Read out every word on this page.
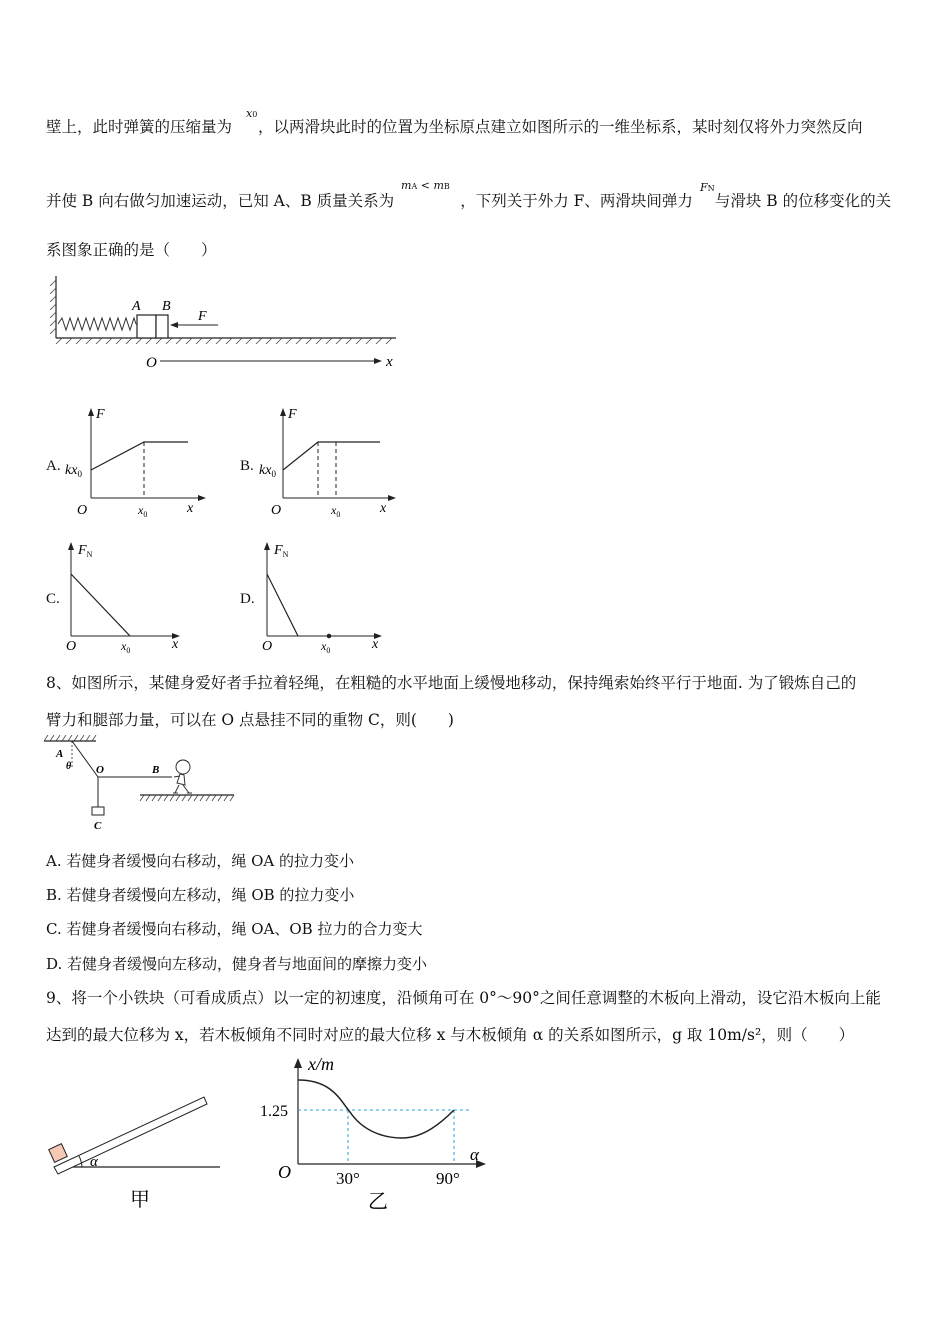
壁上，此时弹簧的压缩量为 ，以两滑块此时的位置为坐标原点建立如图所示的一维坐标系，某时刻仅将外力突然反向
x0
并使 B 向右做匀加速运动，已知 A、B 质量关系为	，下列关于外力 F、两滑块间弹力 与滑块 B 的位移变化的关
mA < mB	FN
系图象正确的是（　　）
A B
F
O	x
A.
F
$kx_0$
O	$x_0$	x
B.
F
$kx_0$
O	$x_0$	x
C.
$F_N$
O	$x_0$	x
D.
$F_N$
O	$x_0$	x
8、如图所示，某健身爱好者手拉着轻绳，在粗糙的水平地面上缓慢地移动，保持绳索始终平行于地面. 为了锻炼自己的
臂力和腿部力量，可以在 O 点悬挂不同的重物 C，则(　　)
A
θ O	B
C
A. 若健身者缓慢向右移动，绳 OA 的拉力变小
B. 若健身者缓慢向左移动，绳 OB 的拉力变小
C. 若健身者缓慢向右移动，绳 OA、OB 拉力的合力变大
D. 若健身者缓慢向左移动，健身者与地面间的摩擦力变小
9、将一个小铁块（可看成质点）以一定的初速度，沿倾角可在 0°～90°之间任意调整的木板向上滑动，设它沿木板向上能
达到的最大位移为 x，若木板倾角不同时对应的最大位移 x 与木板倾角 α 的关系如图所示，g 取 10m/s²，则（　　）
α
甲
x/m
1.25
O	30°	90°
α
乙
